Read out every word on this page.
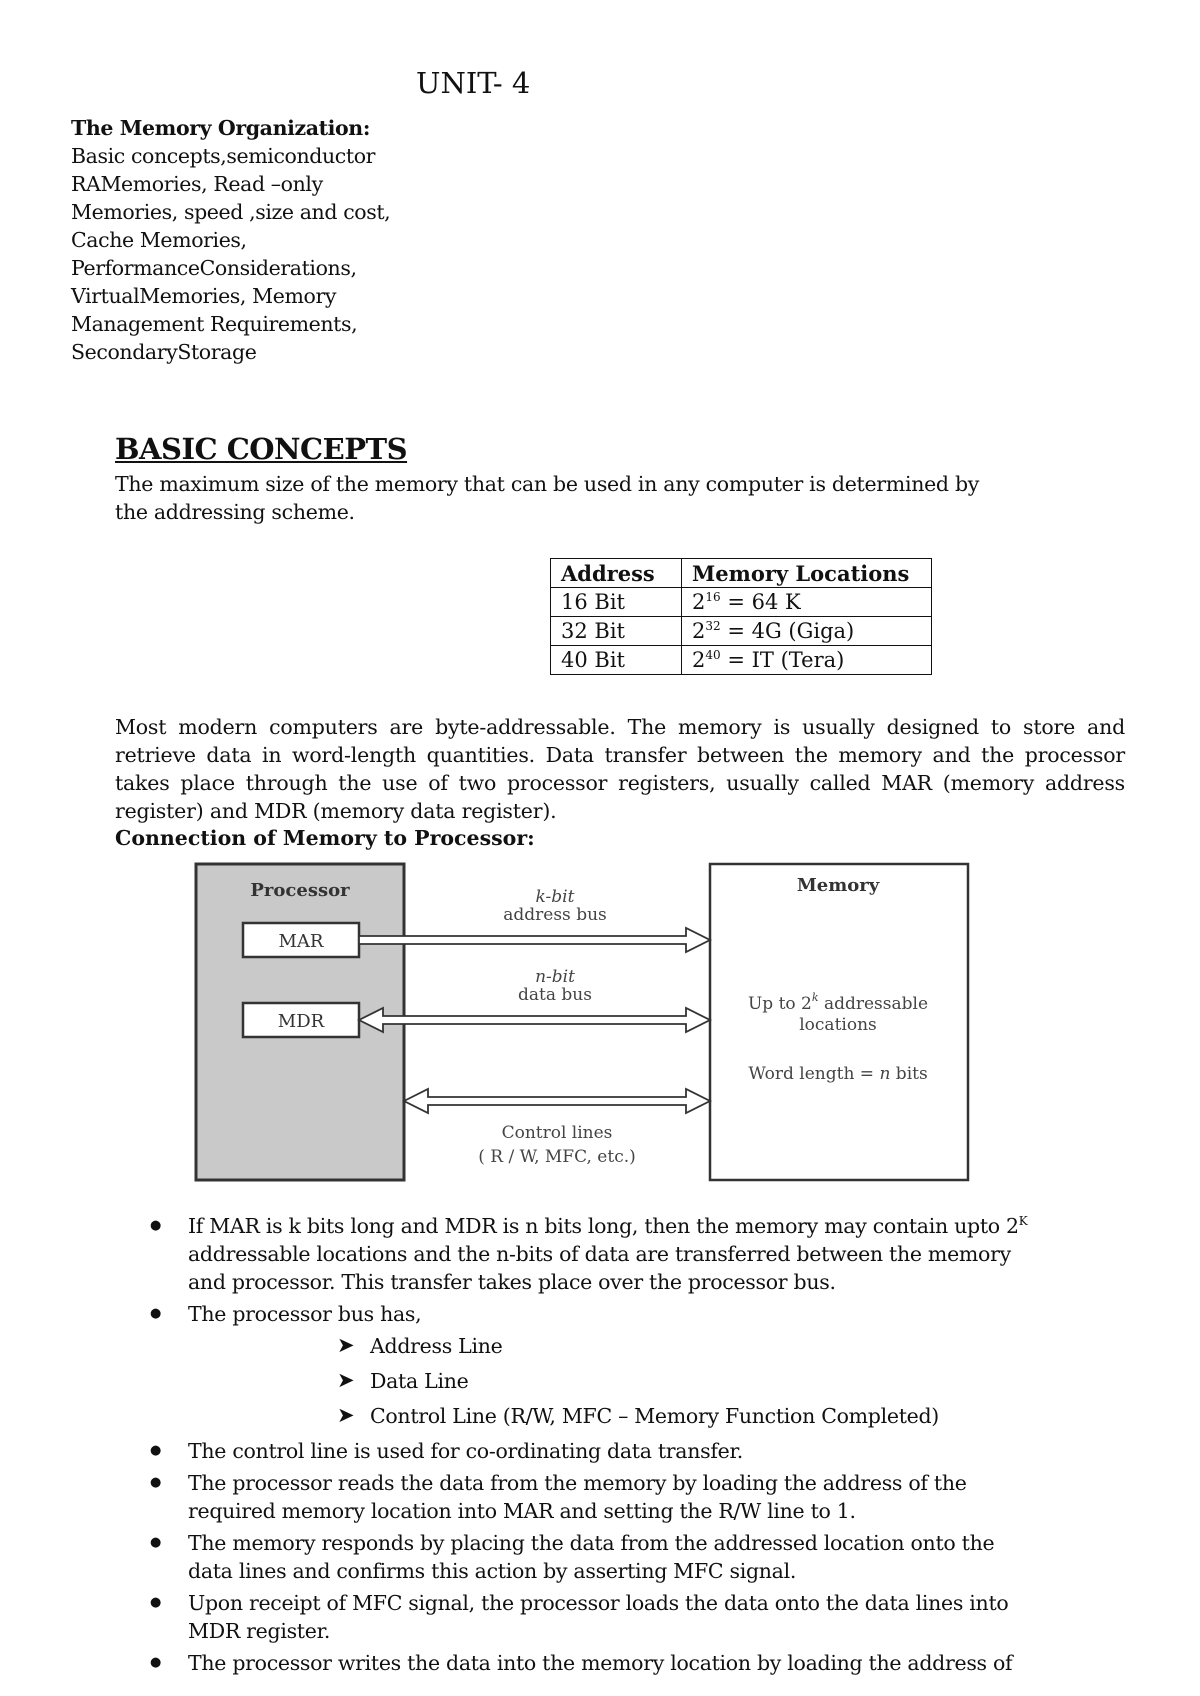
UNIT- 4
The Memory Organization:
Basic concepts,semiconductor
RAMemories, Read –only
Memories, speed ,size and cost,
Cache Memories,
PerformanceConsiderations,
VirtualMemories, Memory
Management Requirements,
SecondaryStorage
BASIC CONCEPTS
The maximum size of the memory that can be used in any computer is determined by the addressing scheme.
Address	Memory Locations
16 Bit	$2^{16} = 64$ K
32 Bit	$2^{32} = 4G$ (Giga)
40 Bit	$2^{40}$ = IT (Tera)
Most modern computers are byte-addressable. The memory is usually designed to store and retrieve data in word-length quantities. Data transfer between the memory and the processor takes place through the use of two processor registers, usually called MAR (memory address register) and MDR (memory data register).
Connection of Memory to Processor:
Processor
MAR
MDR
Memory
Up to 2$^k$ addressable
locations
Word length = n bits
k-bit
address bus
n-bit
data bus
Control lines
( R / W, MFC, etc.)
● If MAR is k bits long and MDR is n bits long, then the memory may contain upto $2^K$ addressable locations and the n-bits of data are transferred between the memory and processor. This transfer takes place over the processor bus.
● The processor bus has,
➤ Address Line
➤ Data Line
➤ Control Line (R/W, MFC – Memory Function Completed)
● The control line is used for co-ordinating data transfer.
● The processor reads the data from the memory by loading the address of the required memory location into MAR and setting the R/W line to 1.
● The memory responds by placing the data from the addressed location onto the data lines and confirms this action by asserting MFC signal.
● Upon receipt of MFC signal, the processor loads the data onto the data lines into MDR register.
● The processor writes the data into the memory location by loading the address of
